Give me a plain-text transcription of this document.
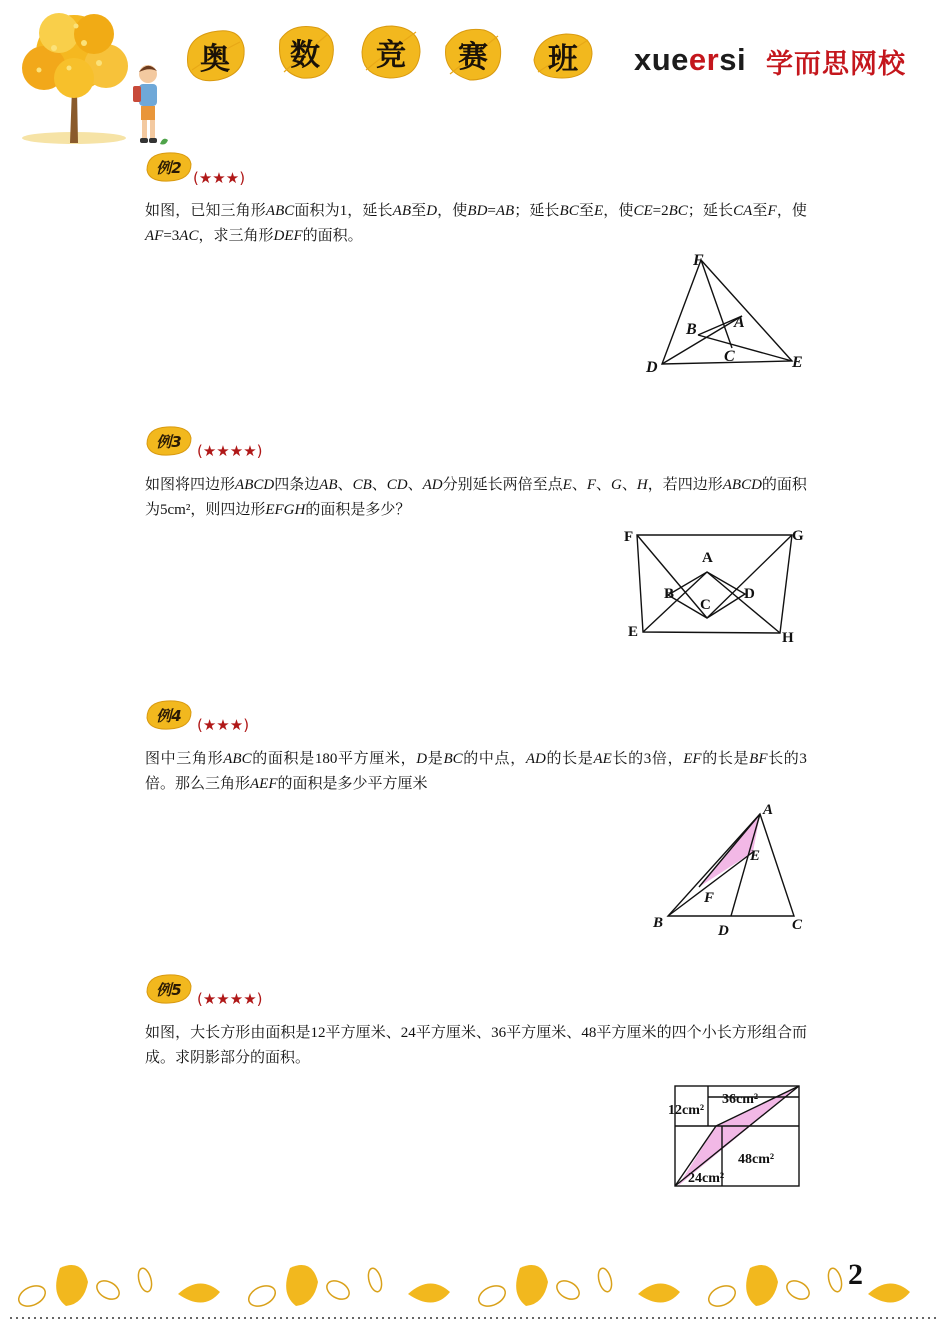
奥 数 竞 赛 班 xueersi 学而思网校
例2
(★★★)
如图，已知三角形ABC面积为1，延长AB至D，使BD=AB；延长BC至E，使CE=2BC；延长CA至F，使AF=3AC，求三角形DEF的面积。
F
A
B
C
D	E
例3
(★★★★)
如图将四边形ABCD四条边AB、CB、CD、AD分别延长两倍至点E、F、G、H，若四边形ABCD的面积为5cm²，则四边形EFGH的面积是多少？
F	G
A
B
C
D
E	H
例4
(★★★)
图中三角形ABC的面积是180平方厘米，D是BC的中点，AD的长是AE长的3倍，EF的长是BF长的3倍。那么三角形AEF的面积是多少平方厘米
A
E
F
B	D	C
例5
(★★★★)
如图，大长方形由面积是12平方厘米、24平方厘米、36平方厘米、48平方厘米的四个小长方形组合而成。求阴影部分的面积。
12cm²
36cm²
48cm²
24cm²
2
